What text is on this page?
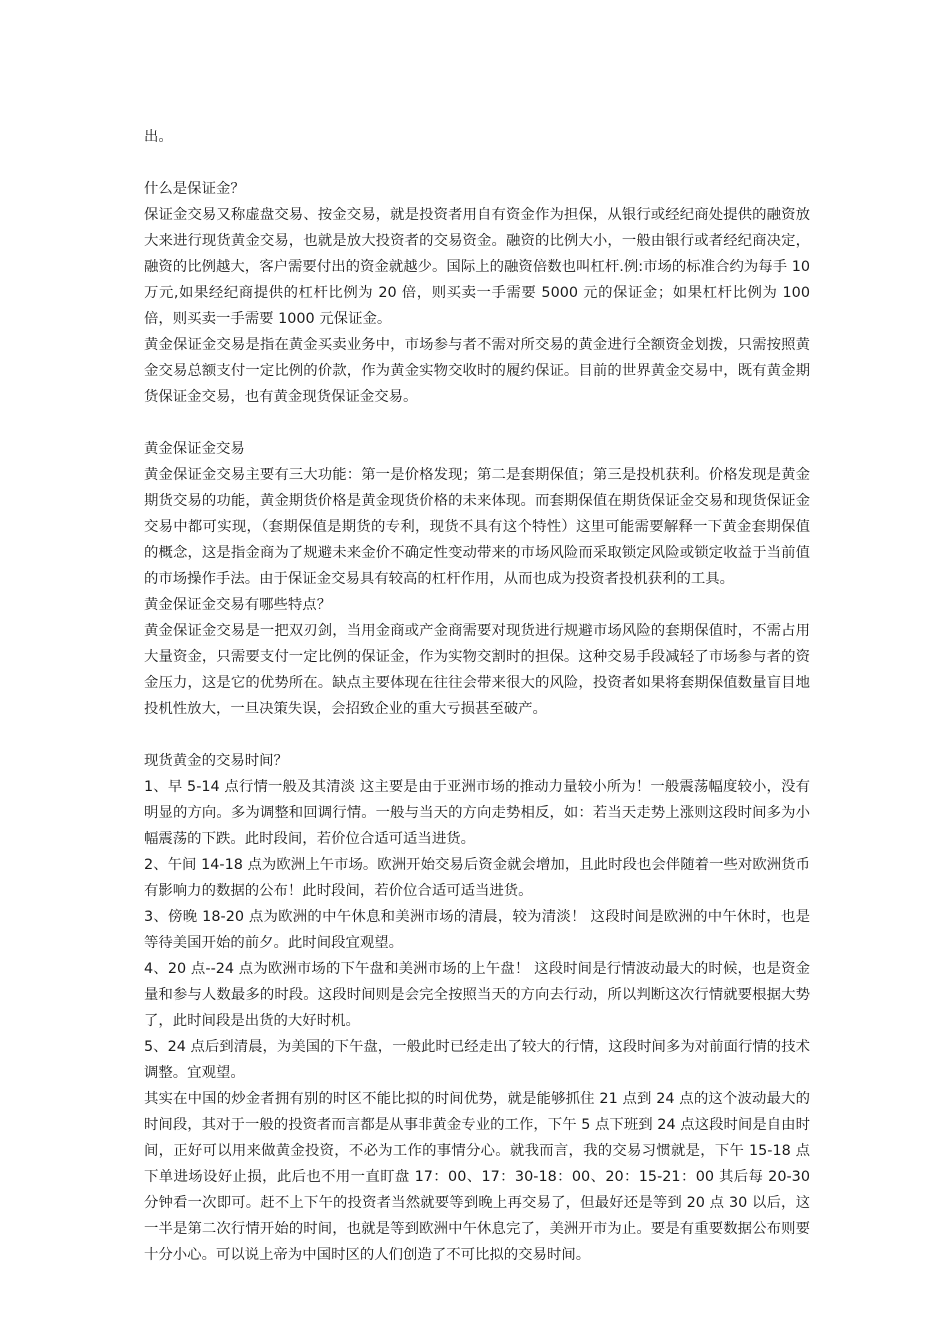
出。

什么是保证金？

保证金交易又称虚盘交易、按金交易，就是投资者用自有资金作为担保，从银行或经纪商处提供的融资放大来进行现货黄金交易，也就是放大投资者的交易资金。融资的比例大小，一般由银行或者经纪商决定，融资的比例越大，客户需要付出的资金就越少。国际上的融资倍数也叫杠杆.例:市场的标准合约为每手 10 万元,如果经纪商提供的杠杆比例为 20 倍，则买卖一手需要 5000 元的保证金；如果杠杆比例为 100 倍，则买卖一手需要 1000 元保证金。

黄金保证金交易是指在黄金买卖业务中，市场参与者不需对所交易的黄金进行全额资金划拨，只需按照黄金交易总额支付一定比例的价款，作为黄金实物交收时的履约保证。目前的世界黄金交易中，既有黄金期货保证金交易，也有黄金现货保证金交易。

黄金保证金交易

黄金保证金交易主要有三大功能：第一是价格发现；第二是套期保值；第三是投机获利。价格发现是黄金期货交易的功能，黄金期货价格是黄金现货价格的未来体现。而套期保值在期货保证金交易和现货保证金交易中都可实现，（套期保值是期货的专利，现货不具有这个特性）这里可能需要解释一下黄金套期保值的概念，这是指金商为了规避未来金价不确定性变动带来的市场风险而采取锁定风险或锁定收益于当前值的市场操作手法。由于保证金交易具有较高的杠杆作用，从而也成为投资者投机获利的工具。

黄金保证金交易有哪些特点？

黄金保证金交易是一把双刃剑，当用金商或产金商需要对现货进行规避市场风险的套期保值时，不需占用大量资金，只需要支付一定比例的保证金，作为实物交割时的担保。这种交易手段减轻了市场参与者的资金压力，这是它的优势所在。缺点主要体现在往往会带来很大的风险，投资者如果将套期保值数量盲目地投机性放大，一旦决策失误，会招致企业的重大亏损甚至破产。

现货黄金的交易时间？

1、早 5-14 点行情一般及其清淡 这主要是由于亚洲市场的推动力量较小所为！一般震荡幅度较小，没有明显的方向。多为调整和回调行情。一般与当天的方向走势相反，如：若当天走势上涨则这段时间多为小幅震荡的下跌。此时段间，若价位合适可适当进货。

2、午间 14-18 点为欧洲上午市场。欧洲开始交易后资金就会增加，且此时段也会伴随着一些对欧洲货币有影响力的数据的公布！此时段间，若价位合适可适当进货。

3、傍晚 18-20 点为欧洲的中午休息和美洲市场的清晨，较为清淡！ 这段时间是欧洲的中午休时，也是等待美国开始的前夕。此时间段宜观望。

4、20 点--24 点为欧洲市场的下午盘和美洲市场的上午盘！ 这段时间是行情波动最大的时候，也是资金量和参与人数最多的时段。这段时间则是会完全按照当天的方向去行动，所以判断这次行情就要根据大势了，此时间段是出货的大好时机。

5、24 点后到清晨，为美国的下午盘，一般此时已经走出了较大的行情，这段时间多为对前面行情的技术调整。宜观望。

其实在中国的炒金者拥有别的时区不能比拟的时间优势，就是能够抓住 21 点到 24 点的这个波动最大的时间段，其对于一般的投资者而言都是从事非黄金专业的工作，下午 5 点下班到 24 点这段时间是自由时间，正好可以用来做黄金投资，不必为工作的事情分心。就我而言，我的交易习惯就是，下午 15-18 点下单进场设好止损，此后也不用一直盯盘 17：00、17：30-18：00、20：15-21：00 其后每 20-30 分钟看一次即可。赶不上下午的投资者当然就要等到晚上再交易了，但最好还是等到 20 点 30 以后，这一半是第二次行情开始的时间，也就是等到欧洲中午休息完了，美洲开市为止。要是有重要数据公布则要十分小心。可以说上帝为中国时区的人们创造了不可比拟的交易时间。
